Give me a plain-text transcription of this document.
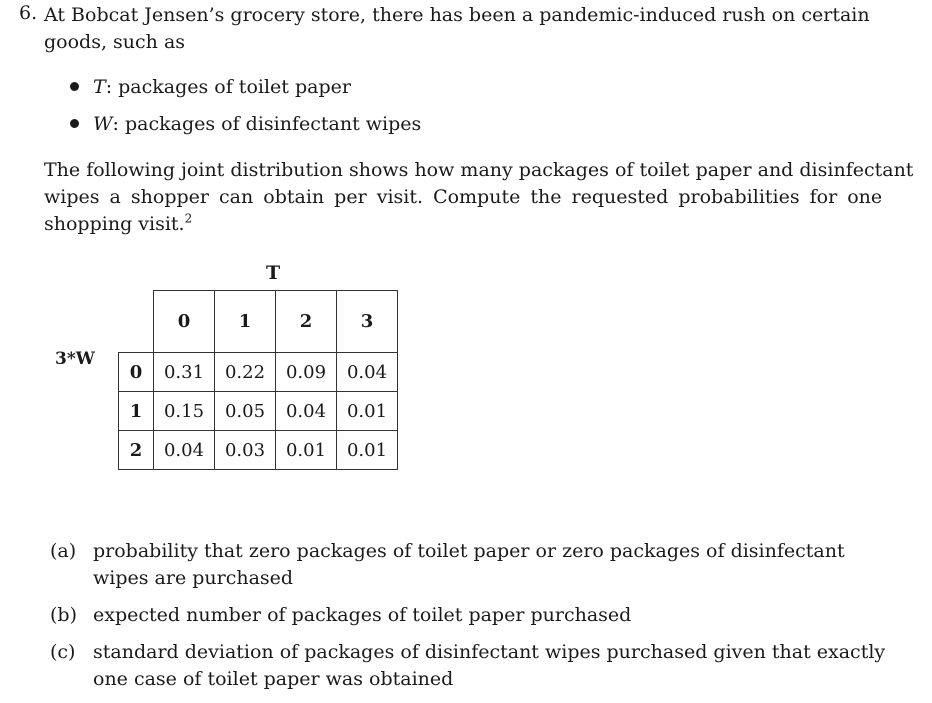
6. At Bobcat Jensen’s grocery store, there has been a pandemic-induced rush on certain
goods, such as
T: packages of toilet paper
W: packages of disinfectant wipes
The following joint distribution shows how many packages of toilet paper and disinfectant
wipes a shopper can obtain per visit. Compute the requested probabilities for one
shopping visit.$^2$
T
3*W
	0	1	2	3
0	0.31	0.22	0.09	0.04
1	0.15	0.05	0.04	0.01
2	0.04	0.03	0.01	0.01
(a) probability that zero packages of toilet paper or zero packages of disinfectant
wipes are purchased
(b) expected number of packages of toilet paper purchased
(c) standard deviation of packages of disinfectant wipes purchased given that exactly
one case of toilet paper was obtained
